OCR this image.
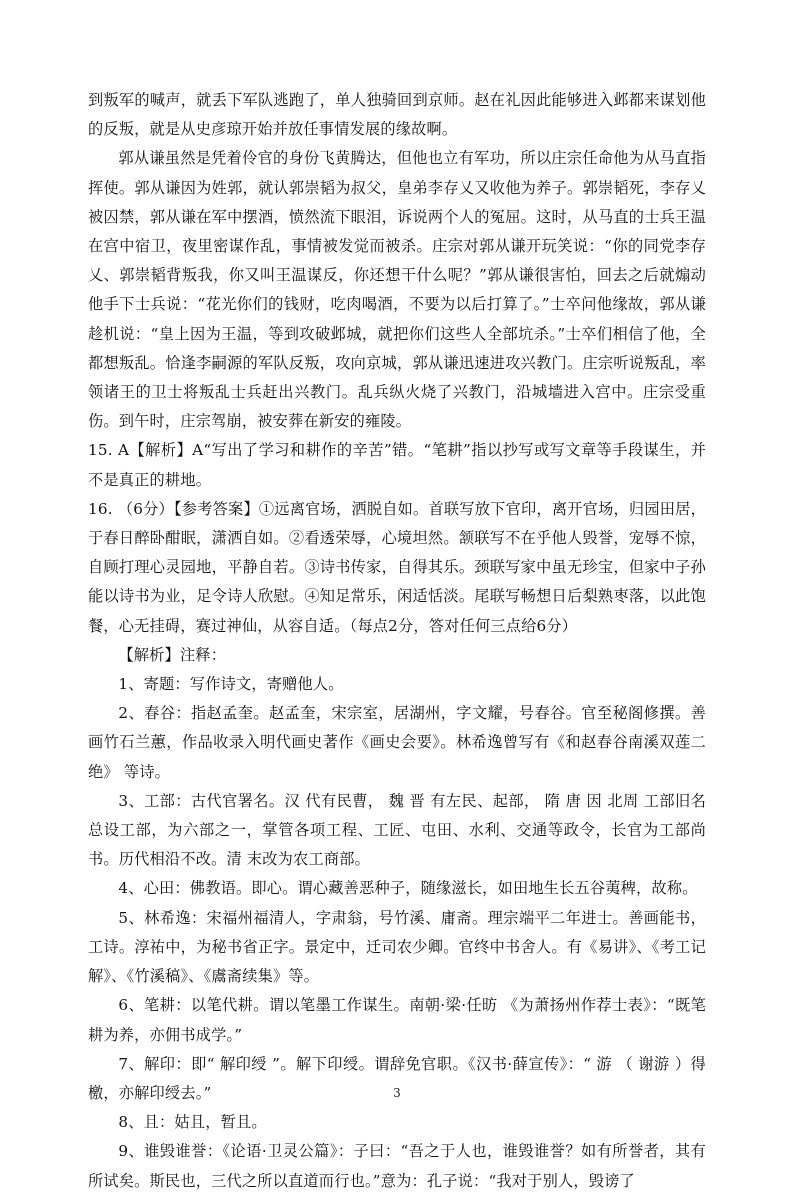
到叛军的喊声，就丢下军队逃跑了，单人独骑回到京师。赵在礼因此能够进入邺都来谋划他的反叛，就是从史彦琼开始并放任事情发展的缘故啊。

郭从谦虽然是凭着伶官的身份飞黄腾达，但他也立有军功，所以庄宗任命他为从马直指挥使。郭从谦因为姓郭，就认郭崇韬为叔父，皇弟李存乂又收他为养子。郭崇韬死，李存乂被囚禁，郭从谦在军中摆酒，愤然流下眼泪，诉说两个人的冤屈。这时，从马直的士兵王温在宫中宿卫，夜里密谋作乱，事情被发觉而被杀。庄宗对郭从谦开玩笑说：“你的同党李存乂、郭崇韬背叛我，你又叫王温谋反，你还想干什么呢？”郭从谦很害怕，回去之后就煽动他手下士兵说：“花光你们的钱财，吃肉喝酒，不要为以后打算了。”士卒问他缘故，郭从谦趁机说：“皇上因为王温，等到攻破邺城，就把你们这些人全部坑杀。”士卒们相信了他，全都想叛乱。恰逢李嗣源的军队反叛，攻向京城，郭从谦迅速进攻兴教门。庄宗听说叛乱，率领诸王的卫士将叛乱士兵赶出兴教门。乱兵纵火烧了兴教门，沿城墙进入宫中。庄宗受重伤。到午时，庄宗驾崩，被安葬在新安的雍陵。

15. A【解析】A“写出了学习和耕作的辛苦”错。“笔耕”指以抄写或写文章等手段谋生，并不是真正的耕地。

16. （6分）【参考答案】①远离官场，洒脱自如。首联写放下官印，离开官场，归园田居，于春日醉卧酣眠，潇洒自如。②看透荣辱，心境坦然。颔联写不在乎他人毁誉，宠辱不惊，自顾打理心灵园地，平静自若。③诗书传家，自得其乐。颈联写家中虽无珍宝，但家中子孙能以诗书为业，足令诗人欣慰。④知足常乐，闲适恬淡。尾联写畅想日后梨熟枣落，以此饱餐，心无挂碍，赛过神仙，从容自适。（每点2分，答对任何三点给6分）

【解析】注释：

1、寄题：写作诗文，寄赠他人。

2、春谷：指赵孟奎。赵孟奎，宋宗室，居湖州，字文耀，号春谷。官至秘阁修撰。善画竹石兰蕙，作品收录入明代画史著作《画史会要》。林希逸曾写有《和赵春谷南溪双莲二绝》 等诗。

3、工部：古代官署名。汉 代有民曹， 魏 晋 有左民、起部， 隋 唐 因 北周 工部旧名总设工部，为六部之一，掌管各项工程、工匠、屯田、水利、交通等政令，长官为工部尚书。历代相沿不改。清 末改为农工商部。

4、心田：佛教语。即心。谓心藏善恶种子，随缘滋长，如田地生长五谷荑稗，故称。

5、林希逸：宋福州福清人，字肃翁，号竹溪、庸斋。理宗端平二年进士。善画能书，工诗。淳祐中，为秘书省正字。景定中，迁司农少卿。官终中书舍人。有《易讲》、《考工记解》、《竹溪稿》、《鬳斋续集》等。

6、笔耕：以笔代耕。谓以笔墨工作谋生。南朝·梁·任昉 《为萧扬州作荐士表》：“既笔耕为养，亦佣书成学。”

7、解印：即“ 解印绶 ”。解下印绶。谓辞免官职。《汉书·薛宣传》：“ 游 （ 谢游 ）得檄，亦解印绶去。”

8、且：姑且，暂且。

9、谁毁谁誉：《论语·卫灵公篇》：子曰：“吾之于人也，谁毁谁誉？如有所誉者，其有所试矣。斯民也，三代之所以直道而行也。”意为：孔子说：“我对于别人，毁谤了

3
